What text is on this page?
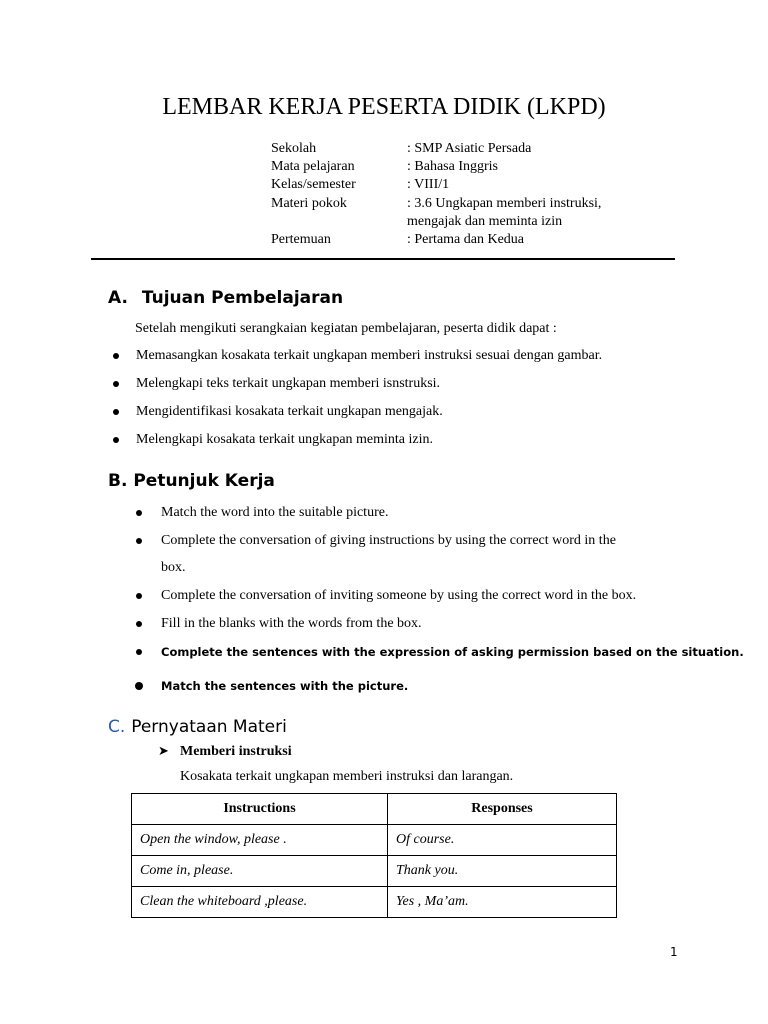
LEMBAR KERJA PESERTA DIDIK (LKPD)
Sekolah	: SMP Asiatic Persada
Mata pelajaran	: Bahasa Inggris
Kelas/semester	: VIII/1
Materi pokok	: 3.6 Ungkapan memberi instruksi,
mengajak dan meminta izin
Pertemuan	: Pertama dan Kedua
A. Tujuan Pembelajaran
Setelah mengikuti serangkaian kegiatan pembelajaran, peserta didik dapat :
Memasangkan kosakata terkait ungkapan memberi instruksi sesuai dengan gambar.
Melengkapi teks terkait ungkapan memberi isnstruksi.
Mengidentifikasi kosakata terkait ungkapan mengajak.
Melengkapi kosakata terkait ungkapan meminta izin.
B. Petunjuk Kerja
Match the word into the suitable picture.
Complete the conversation of giving instructions by using the correct word in the
box.
Complete the conversation of inviting someone by using the correct word in the box.
Fill in the blanks with the words from the box.
Complete the sentences with the expression of asking permission based on the situation.
Match the sentences with the picture.
C. Pernyataan Materi
➤ Memberi instruksi
Kosakata terkait ungkapan memberi instruksi dan larangan.
Instructions	Responses
Open the window, please .	Of course.
Come in, please.	Thank you.
Clean the whiteboard ,please.	Yes , Ma’am.
1
